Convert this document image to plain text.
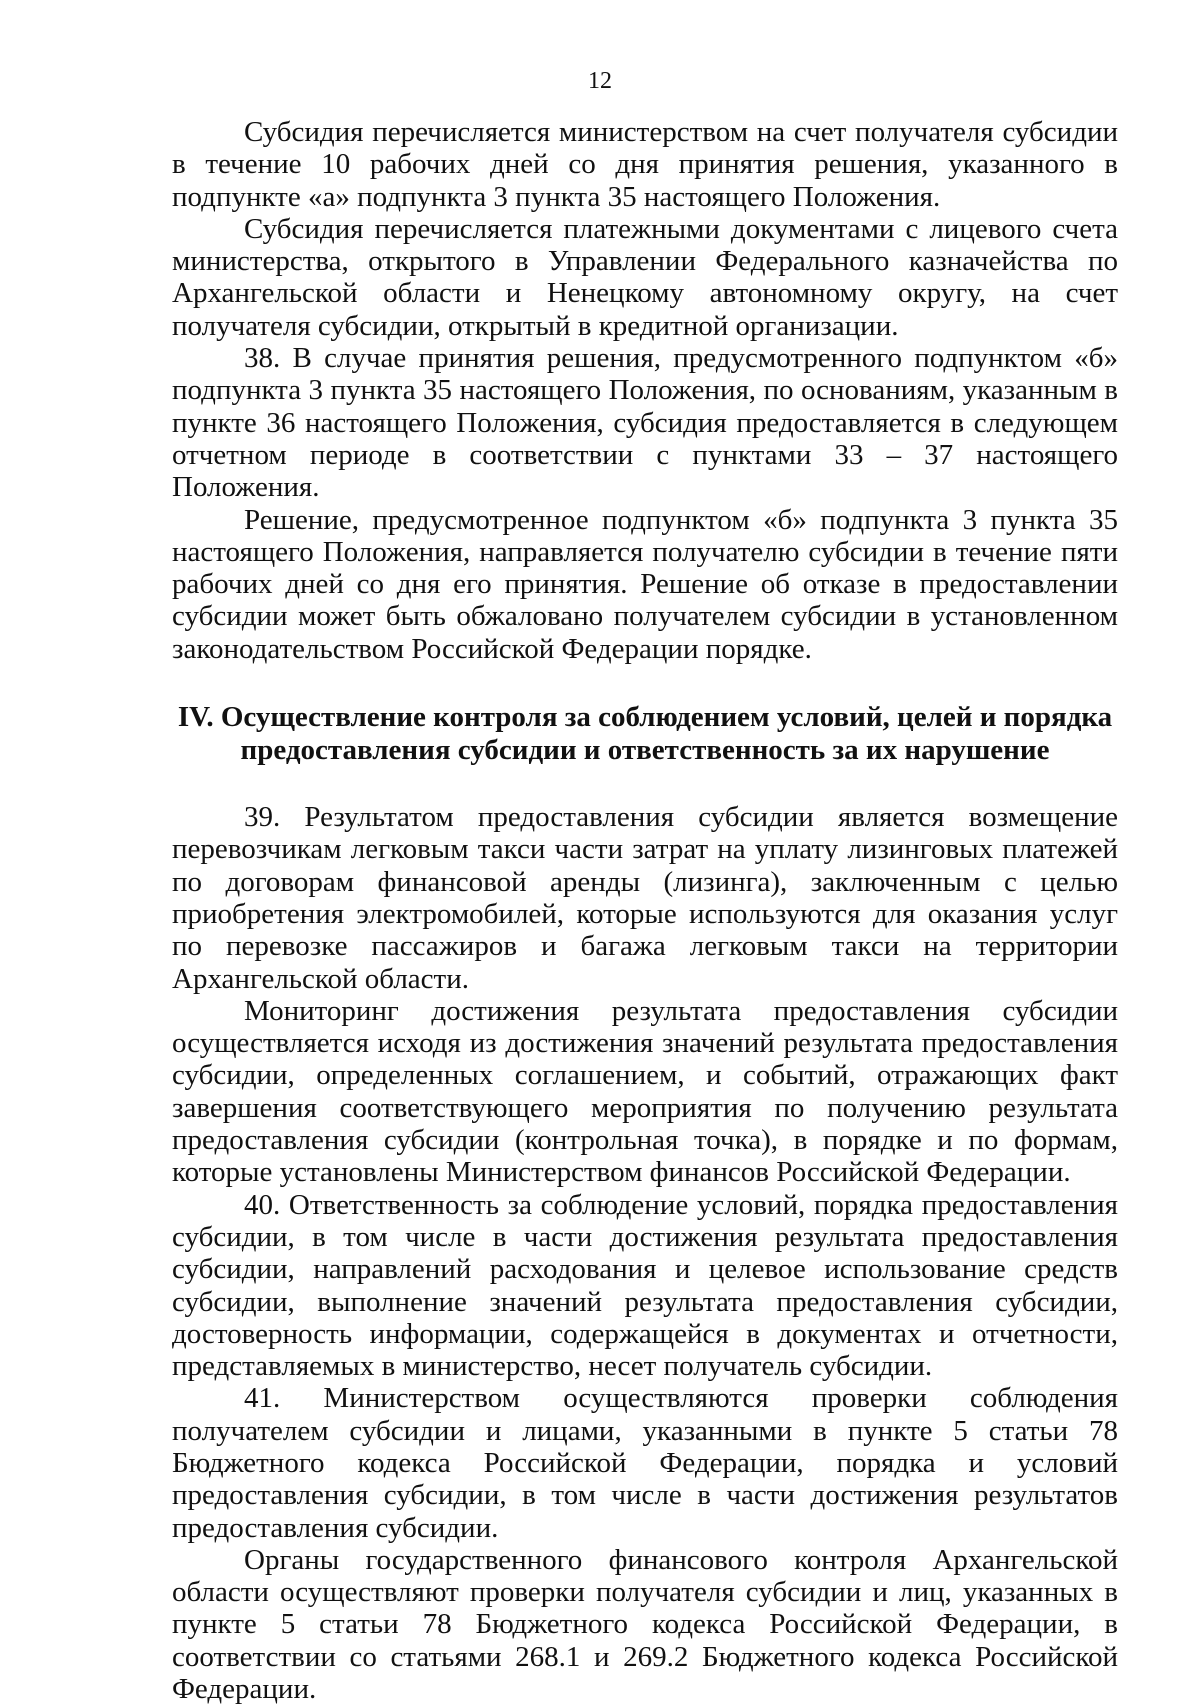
12

Субсидия перечисляется министерством на счет получателя субсидии в течение 10 рабочих дней со дня принятия решения, указанного в подпункте «а» подпункта 3 пункта 35 настоящего Положения.

Субсидия перечисляется платежными документами с лицевого счета министерства, открытого в Управлении Федерального казначейства по Архангельской области и Ненецкому автономному округу, на счет получателя субсидии, открытый в кредитной организации.

38. В случае принятия решения, предусмотренного подпунктом «б» подпункта 3 пункта 35 настоящего Положения, по основаниям, указанным в пункте 36 настоящего Положения, субсидия предоставляется в следующем отчетном периоде в соответствии с пунктами 33 – 37 настоящего Положения.

Решение, предусмотренное подпунктом «б» подпункта 3 пункта 35 настоящего Положения, направляется получателю субсидии в течение пяти рабочих дней со дня его принятия. Решение об отказе в предоставлении субсидии может быть обжаловано получателем субсидии в установленном законодательством Российской Федерации порядке.

IV. Осуществление контроля за соблюдением условий, целей и порядка
предоставления субсидии и ответственность за их нарушение

39. Результатом предоставления субсидии является возмещение перевозчикам легковым такси части затрат на уплату лизинговых платежей по договорам финансовой аренды (лизинга), заключенным с целью приобретения электромобилей, которые используются для оказания услуг по перевозке пассажиров и багажа легковым такси на территории Архангельской области.

Мониторинг достижения результата предоставления субсидии осуществляется исходя из достижения значений результата предоставления субсидии, определенных соглашением, и событий, отражающих факт завершения соответствующего мероприятия по получению результата предоставления субсидии (контрольная точка), в порядке и по формам, которые установлены Министерством финансов Российской Федерации.

40. Ответственность за соблюдение условий, порядка предоставления субсидии, в том числе в части достижения результата предоставления субсидии, направлений расходования и целевое использование средств субсидии, выполнение значений результата предоставления субсидии, достоверность информации, содержащейся в документах и отчетности, представляемых в министерство, несет получатель субсидии.

41. Министерством осуществляются проверки соблюдения получателем субсидии и лицами, указанными в пункте 5 статьи 78 Бюджетного кодекса Российской Федерации, порядка и условий предоставления субсидии, в том числе в части достижения результатов предоставления субсидии.

Органы государственного финансового контроля Архангельской области осуществляют проверки получателя субсидии и лиц, указанных в пункте 5 статьи 78 Бюджетного кодекса Российской Федерации, в соответствии со статьями 268.1 и 269.2 Бюджетного кодекса Российской Федерации.
